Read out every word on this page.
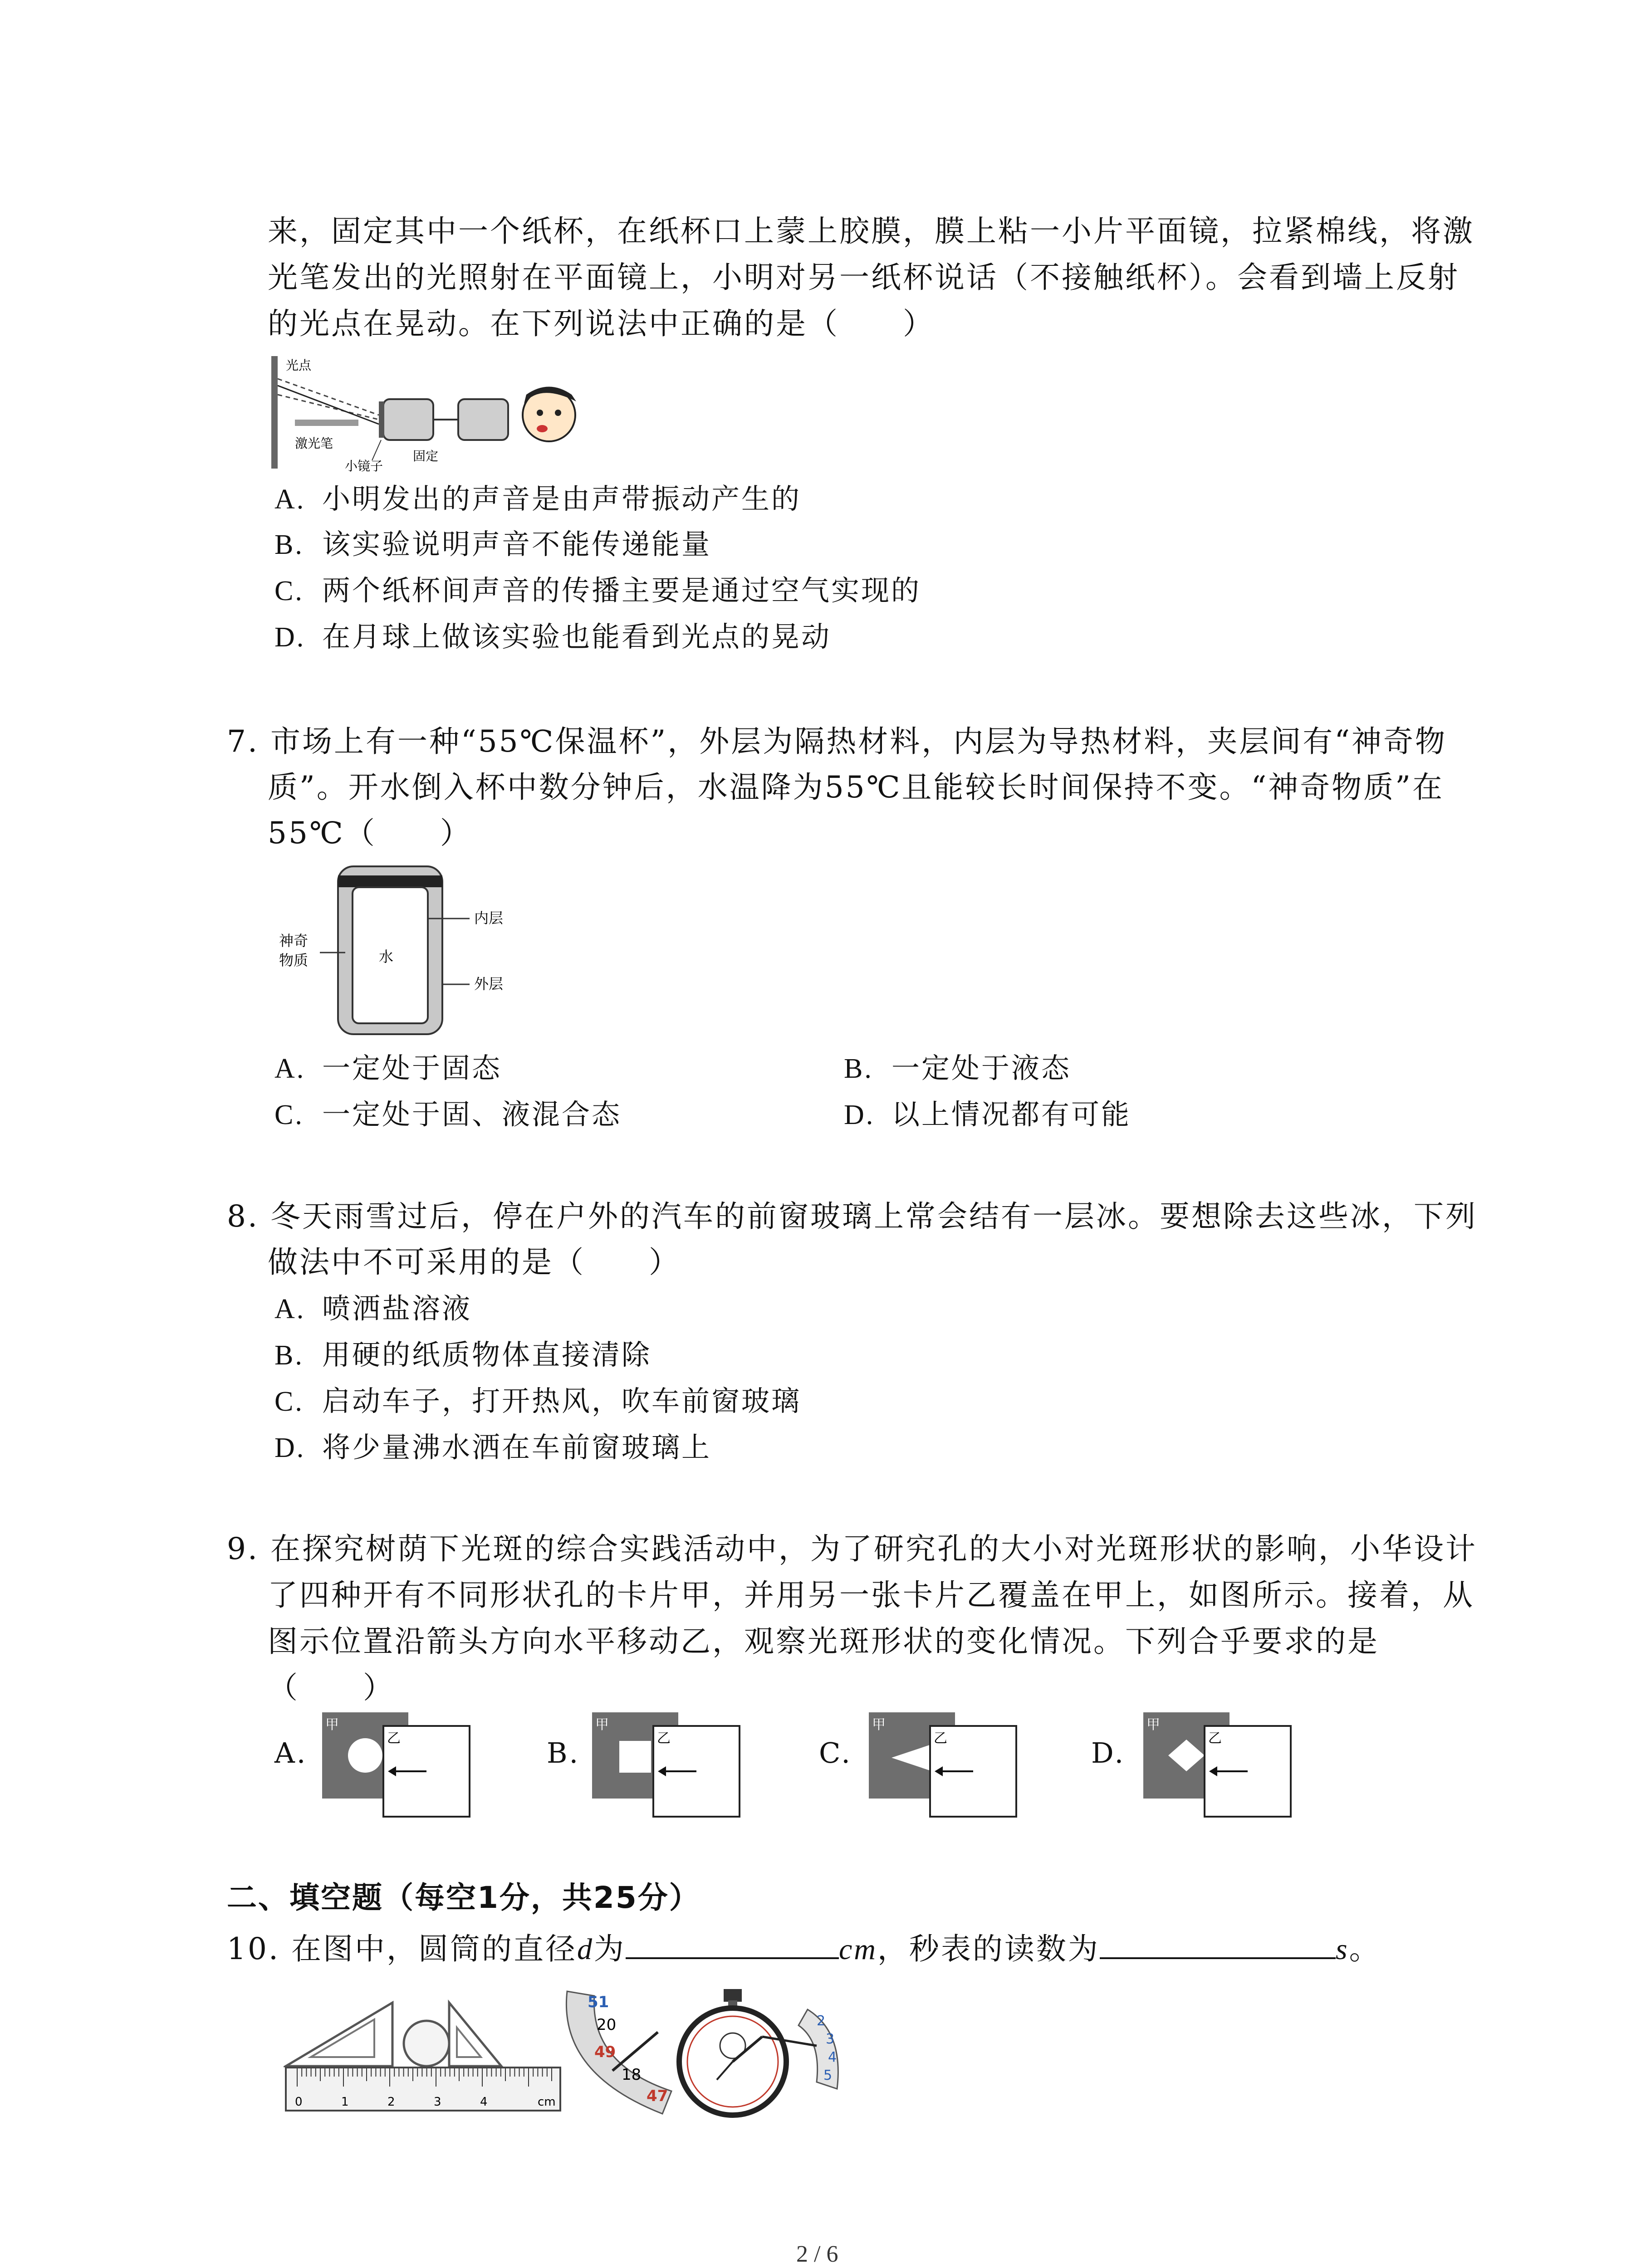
来，固定其中一个纸杯，在纸杯口上蒙上胶膜，膜上粘一小片平面镜，拉紧棉线，将激
光笔发出的光照射在平面镜上，小明对另一纸杯说话（不接触纸杯）。会看到墙上反射
的光点在晃动。在下列说法中正确的是（　　）
光点
激光笔
固定
小镜子
A. 小明发出的声音是由声带振动产生的
B. 该实验说明声音不能传递能量
C. 两个纸杯间声音的传播主要是通过空气实现的
D. 在月球上做该实验也能看到光点的晃动
7. 市场上有一种“55℃保温杯”，外层为隔热材料，内层为导热材料，夹层间有“神奇物
质”。开水倒入杯中数分钟后，水温降为55℃且能较长时间保持不变。“神奇物质”在
55℃（　　）
水
内层
外层
神奇
物质
A. 一定处于固态	B. 一定处于液态
C. 一定处于固、液混合态	D. 以上情况都有可能
8. 冬天雨雪过后，停在户外的汽车的前窗玻璃上常会结有一层冰。要想除去这些冰，下列
做法中不可采用的是（　　）
A. 喷洒盐溶液
B. 用硬的纸质物体直接清除
C. 启动车子，打开热风，吹车前窗玻璃
D. 将少量沸水洒在车前窗玻璃上
9. 在探究树荫下光斑的综合实践活动中，为了研究孔的大小对光斑形状的影响，小华设计
了四种开有不同形状孔的卡片甲，并用另一张卡片乙覆盖在甲上，如图所示。接着，从
图示位置沿箭头方向水平移动乙，观察光斑形状的变化情况。下列合乎要求的是
（　　）
A.
甲
乙	B.
甲
乙	C.
甲
乙	D.
甲
乙
二、填空题（每空1分，共25分）
10. 在图中，圆筒的直径d为	cm，秒表的读数为	s。
0	1	2	3	4	cm
51
20
49
18
47
2
3
4
5
2 / 6
